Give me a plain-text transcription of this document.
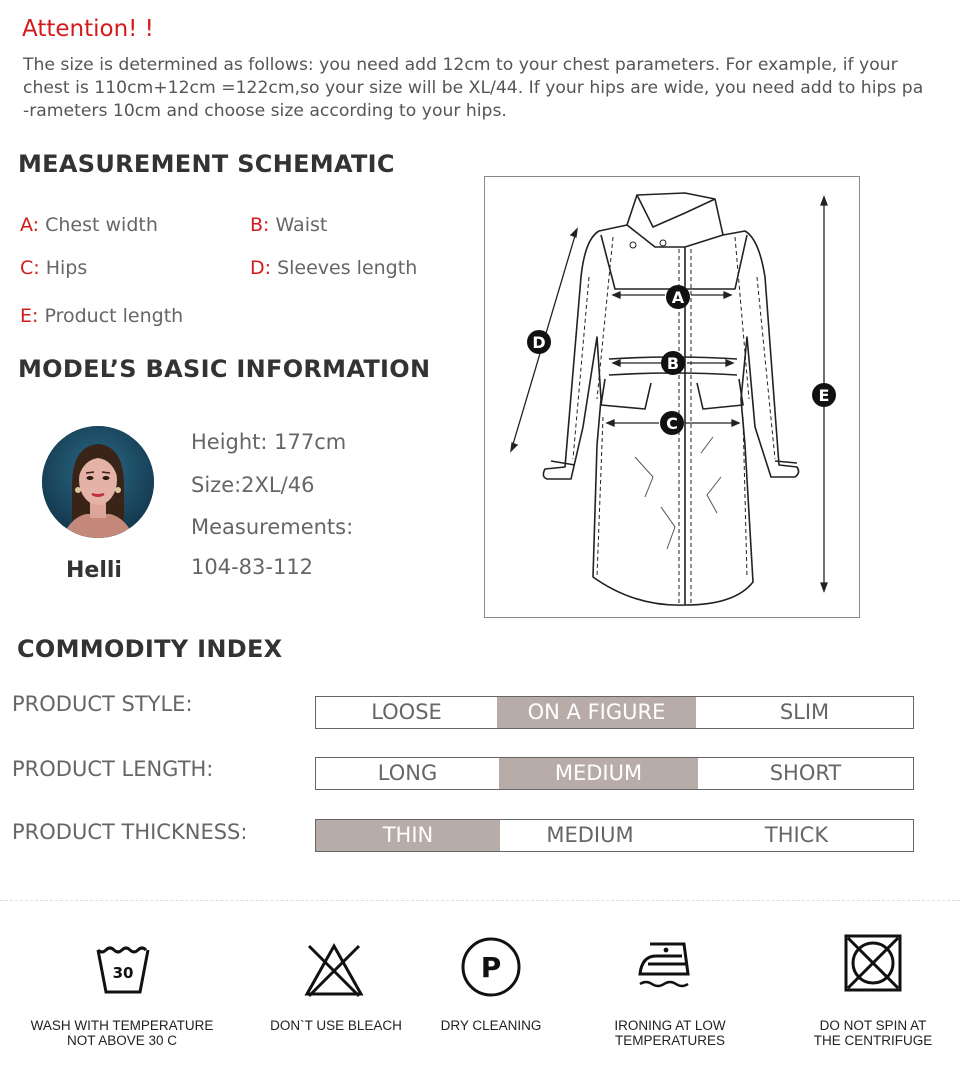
Attention! !
The size is determined as follows: you need add 12cm to your chest parameters. For example, if your
chest is 110cm+12cm =122cm,so your size will be XL/44. If your hips are wide, you need add to hips pa
-rameters 10cm and choose size according to your hips.
MEASUREMENT SCHEMATIC
A: Chest width	B: Waist
C: Hips	D: Sleeves length
E: Product length
MODEL’S BASIC INFORMATION
Helli
Height: 177cm
Size:2XL/46
Measurements:
104-83-112
A
B
C
D
E
COMMODITY INDEX
PRODUCT STYLE:	LOOSE	ON A FIGURE	SLIM
PRODUCT LENGTH:	LONG	MEDIUM	SHORT
PRODUCT THICKNESS:	THIN	MEDIUM	THICK
30	P
WASH WITH TEMPERATURE
NOT ABOVE 30 C
DON`T USE BLEACH	DRY CLEANING	IRONING AT LOW
TEMPERATURES
DO NOT SPIN AT
THE CENTRIFUGE
